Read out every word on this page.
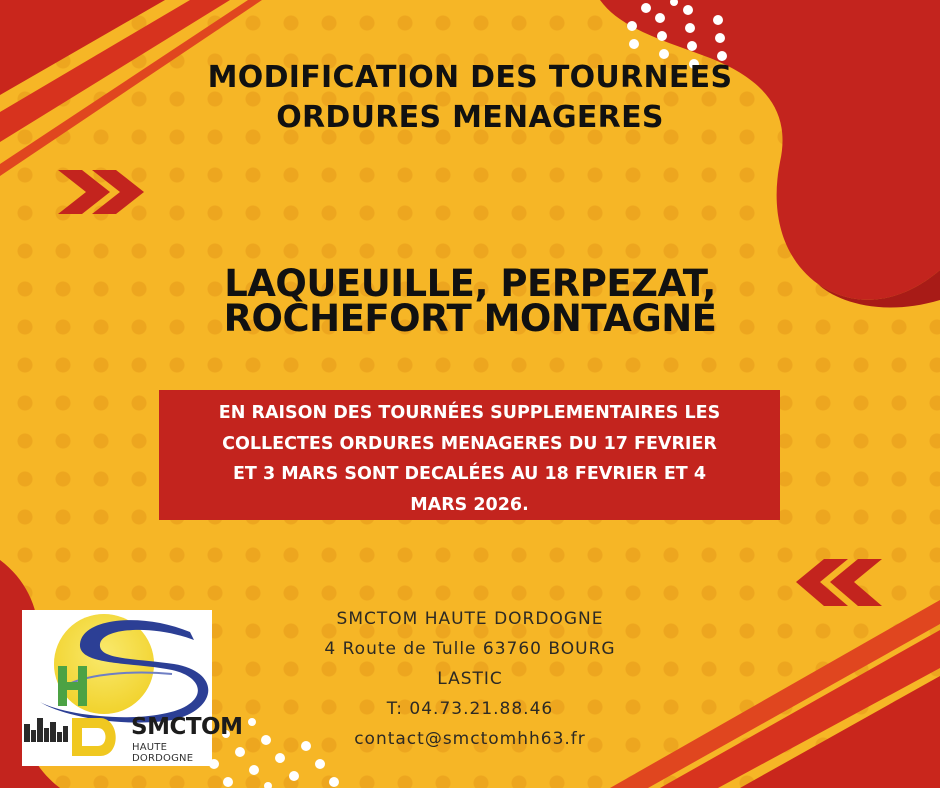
MODIFICATION DES TOURNEES
ORDURES MENAGERES
LAQUEUILLE, PERPEZAT,
ROCHEFORT MONTAGNE
EN RAISON DES TOURNÉES SUPPLEMENTAIRES LES
COLLECTES ORDURES MENAGERES DU 17 FEVRIER
ET 3 MARS SONT DECALÉES AU 18 FEVRIER ET 4
MARS 2026.
SMCTOM
HAUTE DORDOGNE
SMCTOM HAUTE DORDOGNE
4 Route de Tulle 63760 BOURG
LASTIC
T: 04.73.21.88.46
contact@smctomhh63.fr
